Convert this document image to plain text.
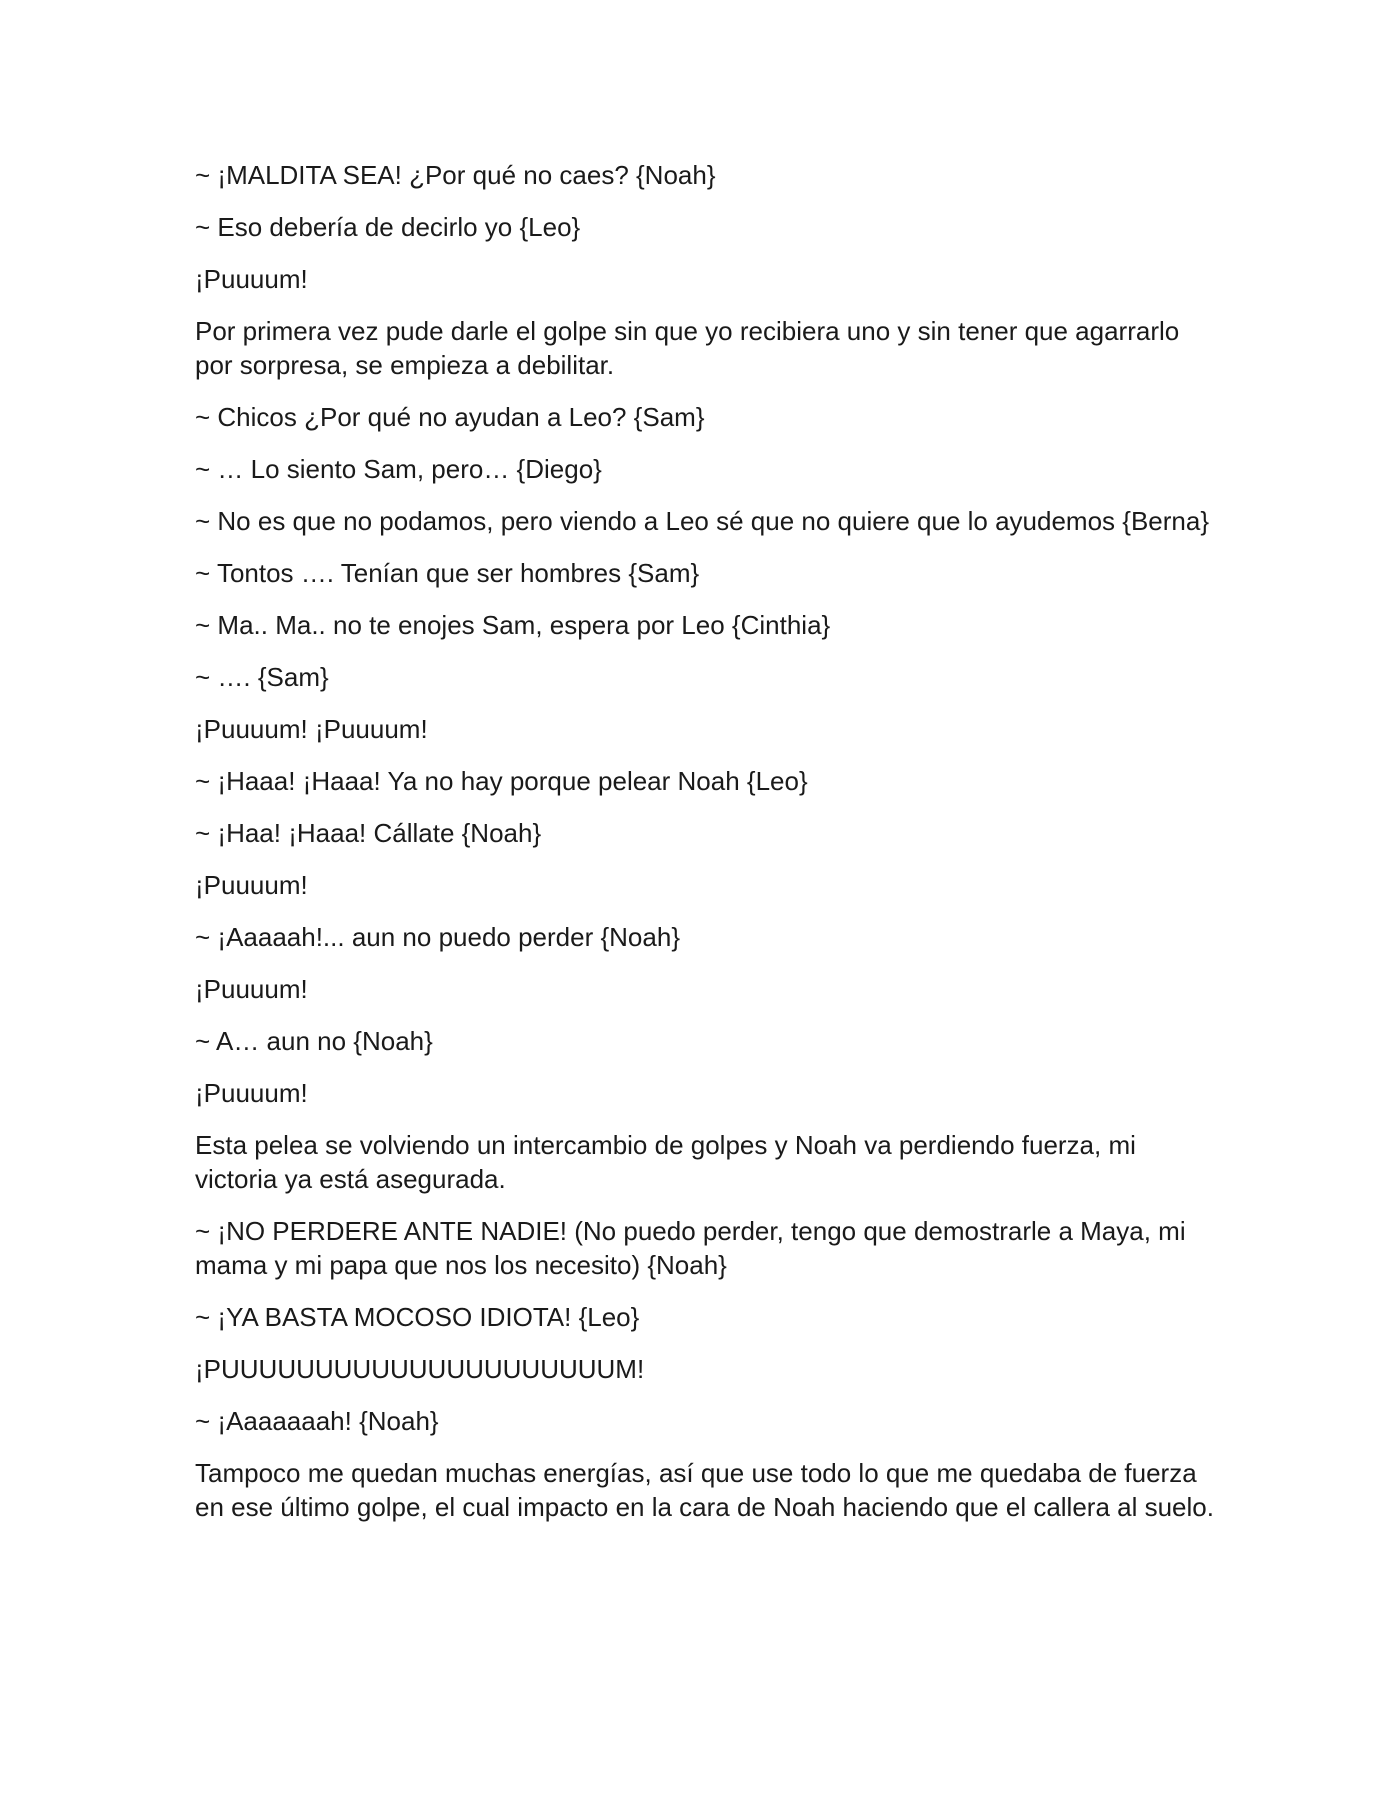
~ ¡MALDITA SEA! ¿Por qué no caes? {Noah}

~ Eso debería de decirlo yo {Leo}

¡Puuuum!

Por primera vez pude darle el golpe sin que yo recibiera uno y sin tener que agarrarlo por sorpresa, se empieza a debilitar.

~ Chicos ¿Por qué no ayudan a Leo? {Sam}

~ … Lo siento Sam, pero… {Diego}

~ No es que no podamos, pero viendo a Leo sé que no quiere que lo ayudemos {Berna}

~ Tontos …. Tenían que ser hombres {Sam}

~ Ma.. Ma.. no te enojes Sam, espera por Leo {Cinthia}

~ …. {Sam}

¡Puuuum! ¡Puuuum!

~ ¡Haaa! ¡Haaa! Ya no hay porque pelear Noah {Leo}

~ ¡Haa! ¡Haaa! Cállate {Noah}

¡Puuuum!

~ ¡Aaaaah!... aun no puedo perder {Noah}

¡Puuuum!

~ A… aun no {Noah}

¡Puuuum!

Esta pelea se volviendo un intercambio de golpes y Noah va perdiendo fuerza, mi victoria ya está asegurada.

~ ¡NO PERDERE ANTE NADIE! (No puedo perder, tengo que demostrarle a Maya, mi mama y mi papa que nos los necesito) {Noah}

~ ¡YA BASTA MOCOSO IDIOTA! {Leo}

¡PUUUUUUUUUUUUUUUUUUUUUM!

~ ¡Aaaaaaah! {Noah}

Tampoco me quedan muchas energías, así que use todo lo que me quedaba de fuerza en ese último golpe, el cual impacto en la cara de Noah haciendo que el callera al suelo.
